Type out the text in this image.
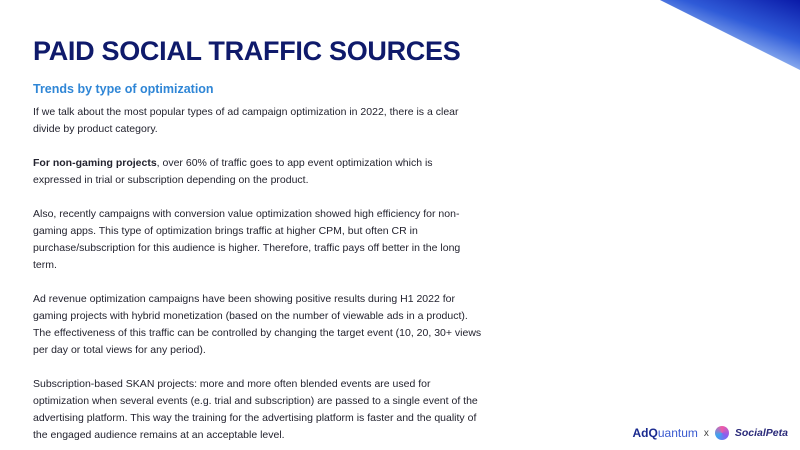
PAID SOCIAL TRAFFIC SOURCES
Trends by type of optimization

If we talk about the most popular types of ad campaign optimization in 2022, there is a clear divide by product category.

For non-gaming projects, over 60% of traffic goes to app event optimization which is expressed in trial or subscription depending on the product.

Also, recently campaigns with conversion value optimization showed high efficiency for non-gaming apps. This type of optimization brings traffic at higher CPM, but often CR in purchase/subscription for this audience is higher. Therefore, traffic pays off better in the long term.

Ad revenue optimization campaigns have been showing positive results during H1 2022 for gaming projects with hybrid monetization (based on the number of viewable ads in a product). The effectiveness of this traffic can be controlled by changing the target event (10, 20, 30+ views per day or total views for any period).

Subscription-based SKAN projects: more and more often blended events are used for optimization when several events (e.g. trial and subscription) are passed to a single event of the advertising platform. This way the training for the advertising platform is faster and the quality of the engaged audience remains at an acceptable level.	AdQuantum x SocialPeta
